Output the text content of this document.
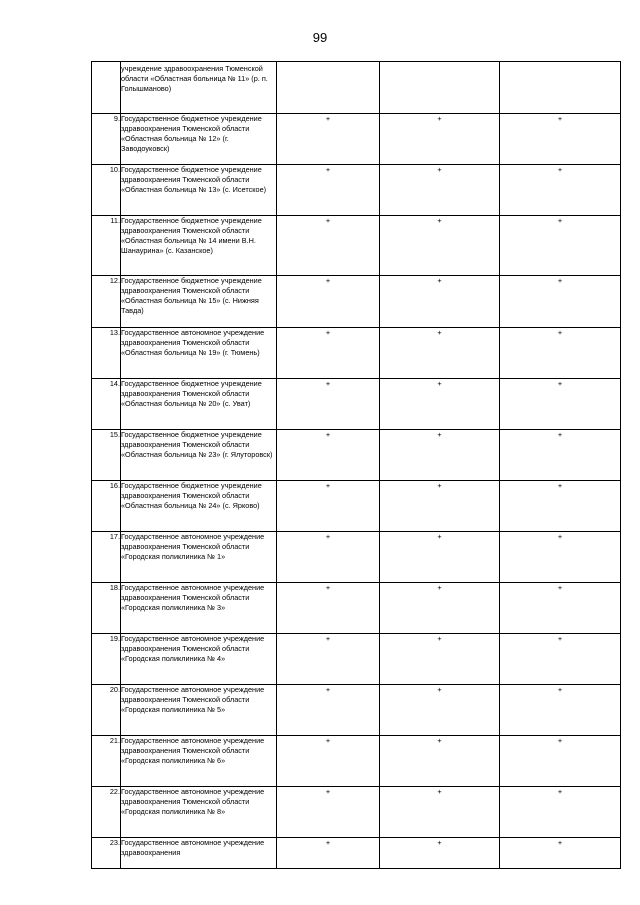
99
	учреждение здравоохранения Тюменской области «Областная больница № 11» (р. п. Голышманово)			
9.	Государственное бюджетное учреждение здравоохранения Тюменской области «Областная больница № 12» (г. Заводоуковск)	+	+	+
10.	Государственное бюджетное учреждение здравоохранения Тюменской области «Областная больница № 13» (с. Исетское)	+	+	+
11.	Государственное бюджетное учреждение здравоохранения Тюменской области «Областная больница № 14 имени В.Н. Шанаурина» (с. Казанское)	+	+	+
12.	Государственное бюджетное учреждение здравоохранения Тюменской области «Областная больница № 15» (с. Нижняя Тавда)	+	+	+
13.	Государственное автономное учреждение здравоохранения Тюменской области «Областная больница № 19» (г. Тюмень)	+	+	+
14.	Государственное бюджетное учреждение здравоохранения Тюменской области «Областная больница № 20» (с. Уват)	+	+	+
15.	Государственное бюджетное учреждение здравоохранения Тюменской области «Областная больница № 23» (г. Ялуторовск)	+	+	+
16.	Государственное бюджетное учреждение здравоохранения Тюменской области «Областная больница № 24» (с. Ярково)	+	+	+
17.	Государственное автономное учреждение здравоохранения Тюменской области «Городская поликлиника № 1»	+	+	+
18.	Государственное автономное учреждение здравоохранения Тюменской области «Городская поликлиника № 3»	+	+	+
19.	Государственное автономное учреждение здравоохранения Тюменской области «Городская поликлиника № 4»	+	+	+
20.	Государственное автономное учреждение здравоохранения Тюменской области «Городская поликлиника № 5»	+	+	+
21.	Государственное автономное учреждение здравоохранения Тюменской области «Городская поликлиника № 6»	+	+	+
22.	Государственное автономное учреждение здравоохранения Тюменской области «Городская поликлиника № 8»	+	+	+
23.	Государственное автономное учреждение здравоохранения	+	+	+
